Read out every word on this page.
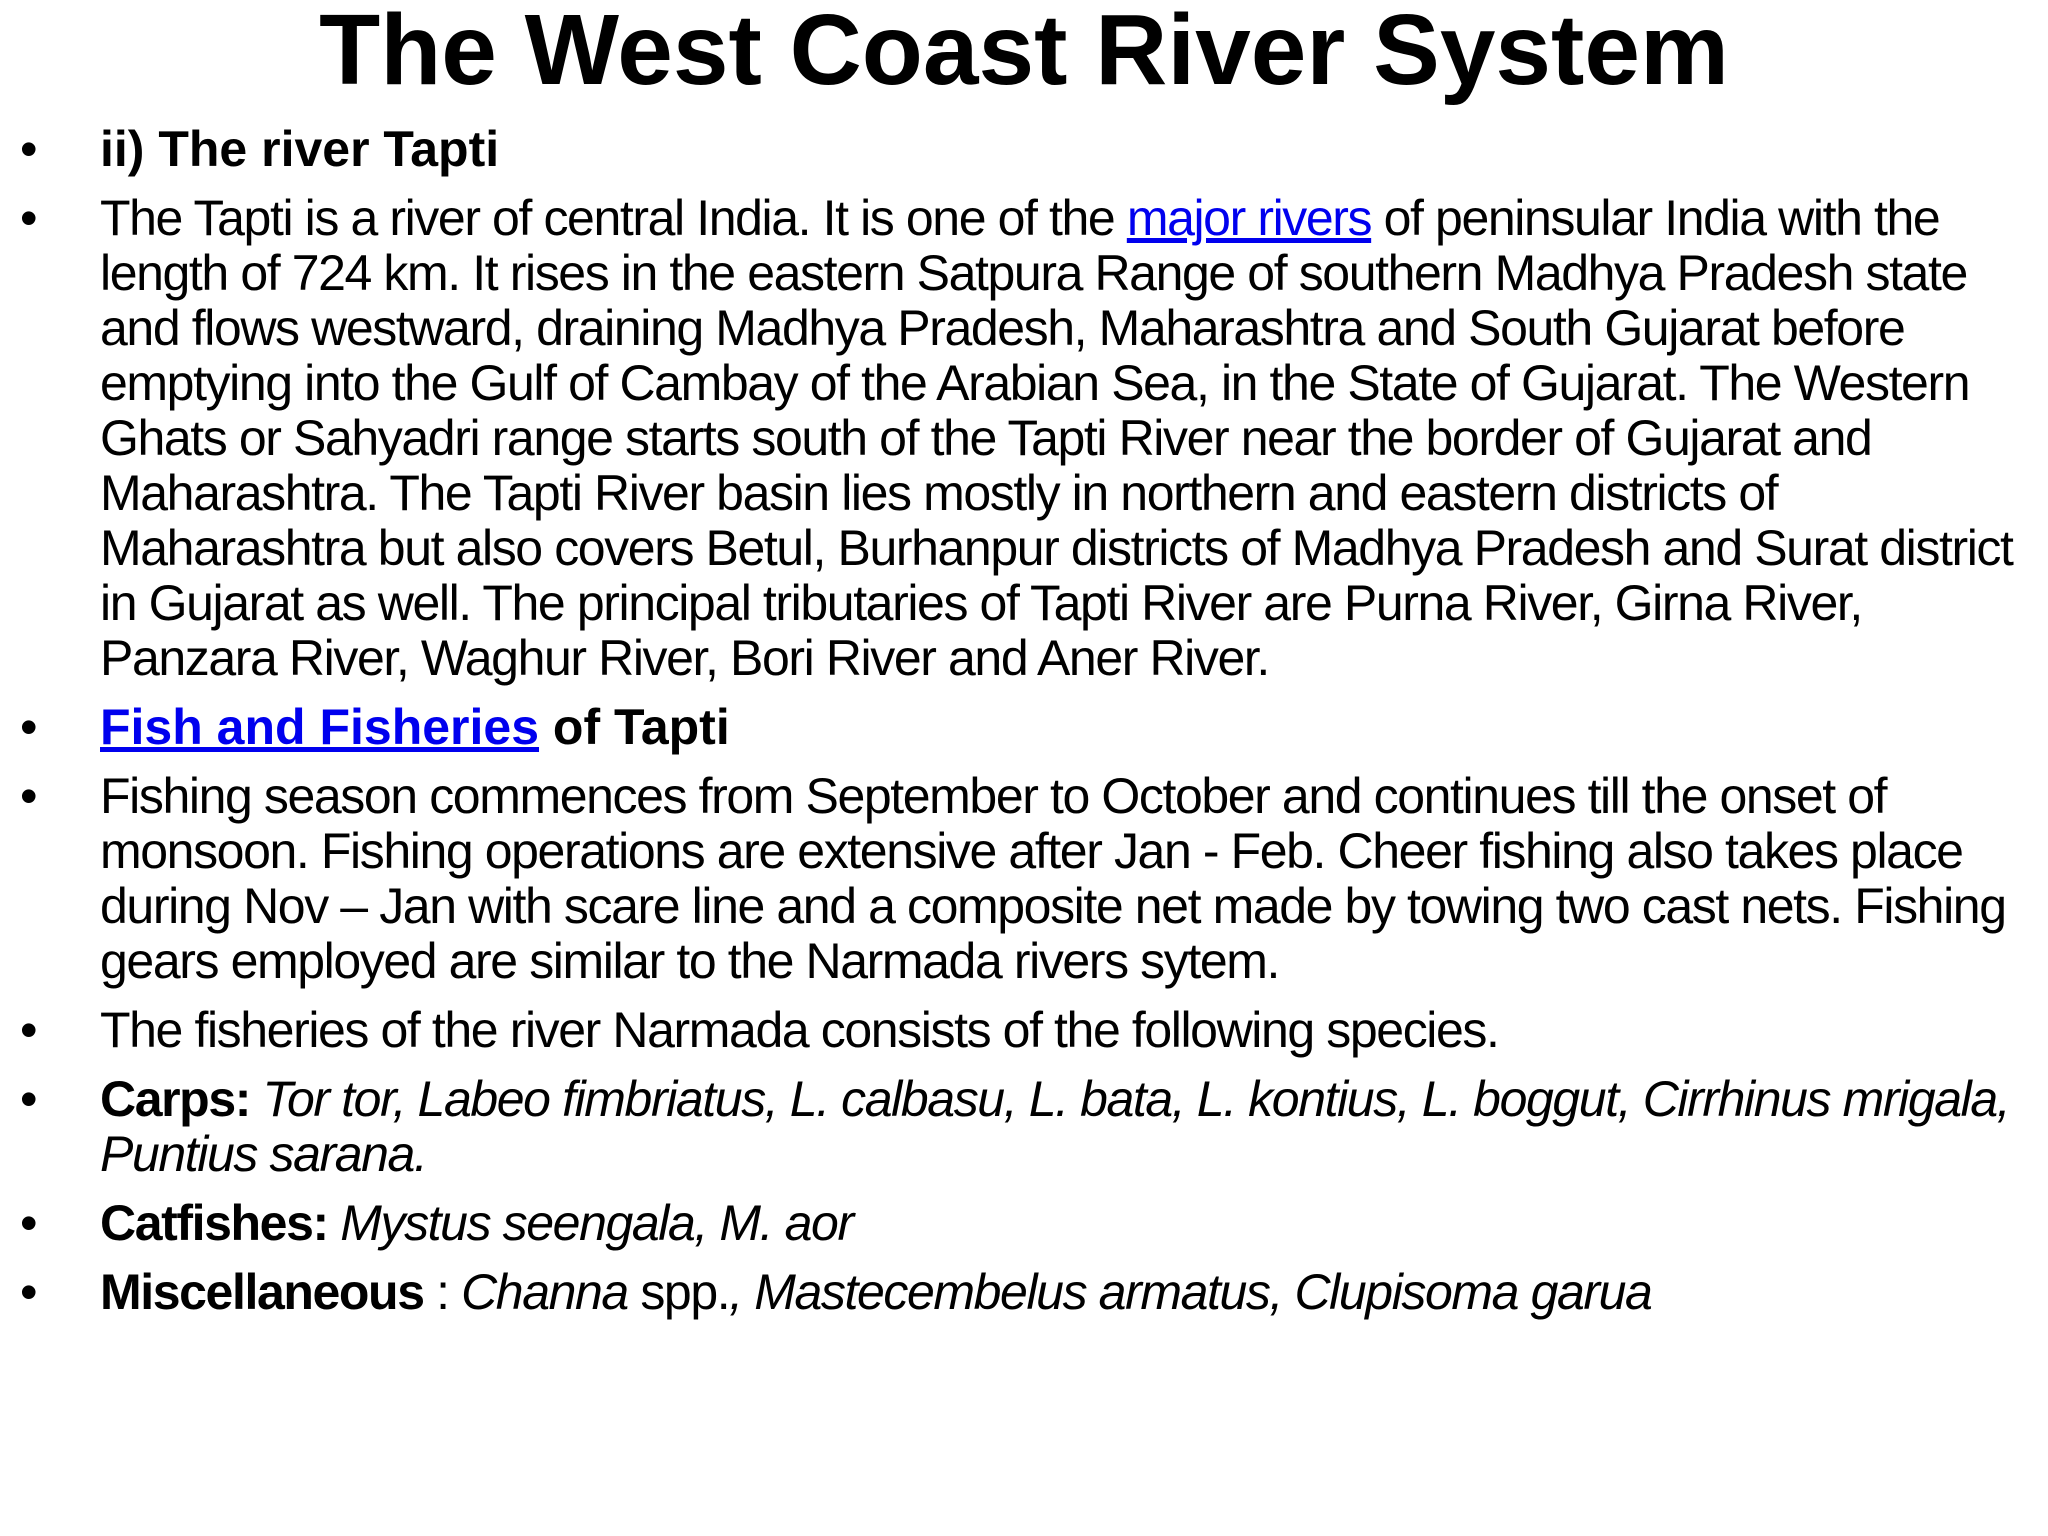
The West Coast River System
•	ii) The river Tapti
•	The Tapti is a river of central India. It is one of the major rivers of peninsular India with the length of 724 km. It rises in the eastern Satpura Range of southern Madhya Pradesh state and flows westward, draining Madhya Pradesh, Maharashtra and South Gujarat before emptying into the Gulf of Cambay of the Arabian Sea, in the State of Gujarat. The Western Ghats or Sahyadri range starts south of the Tapti River near the border of Gujarat and Maharashtra. The Tapti River basin lies mostly in northern and eastern districts of Maharashtra but also covers Betul, Burhanpur districts of Madhya Pradesh and Surat district in Gujarat as well. The principal tributaries of Tapti River are Purna River, Girna River, Panzara River, Waghur River, Bori River and Aner River.
•	Fish and Fisheries of Tapti
•	Fishing season commences from September to October and continues till the onset of monsoon. Fishing operations are extensive after Jan - Feb. Cheer fishing also takes place during Nov – Jan with scare line and a composite net made by towing two cast nets. Fishing gears employed are similar to the Narmada rivers sytem.
•	The fisheries of the river Narmada consists of the following species.
•	Carps: Tor tor, Labeo fimbriatus, L. calbasu, L. bata, L. kontius, L. boggut, Cirrhinus mrigala, Puntius sarana.
•	Catfishes: Mystus seengala, M. aor
•	Miscellaneous : Channa spp., Mastecembelus armatus, Clupisoma garua
